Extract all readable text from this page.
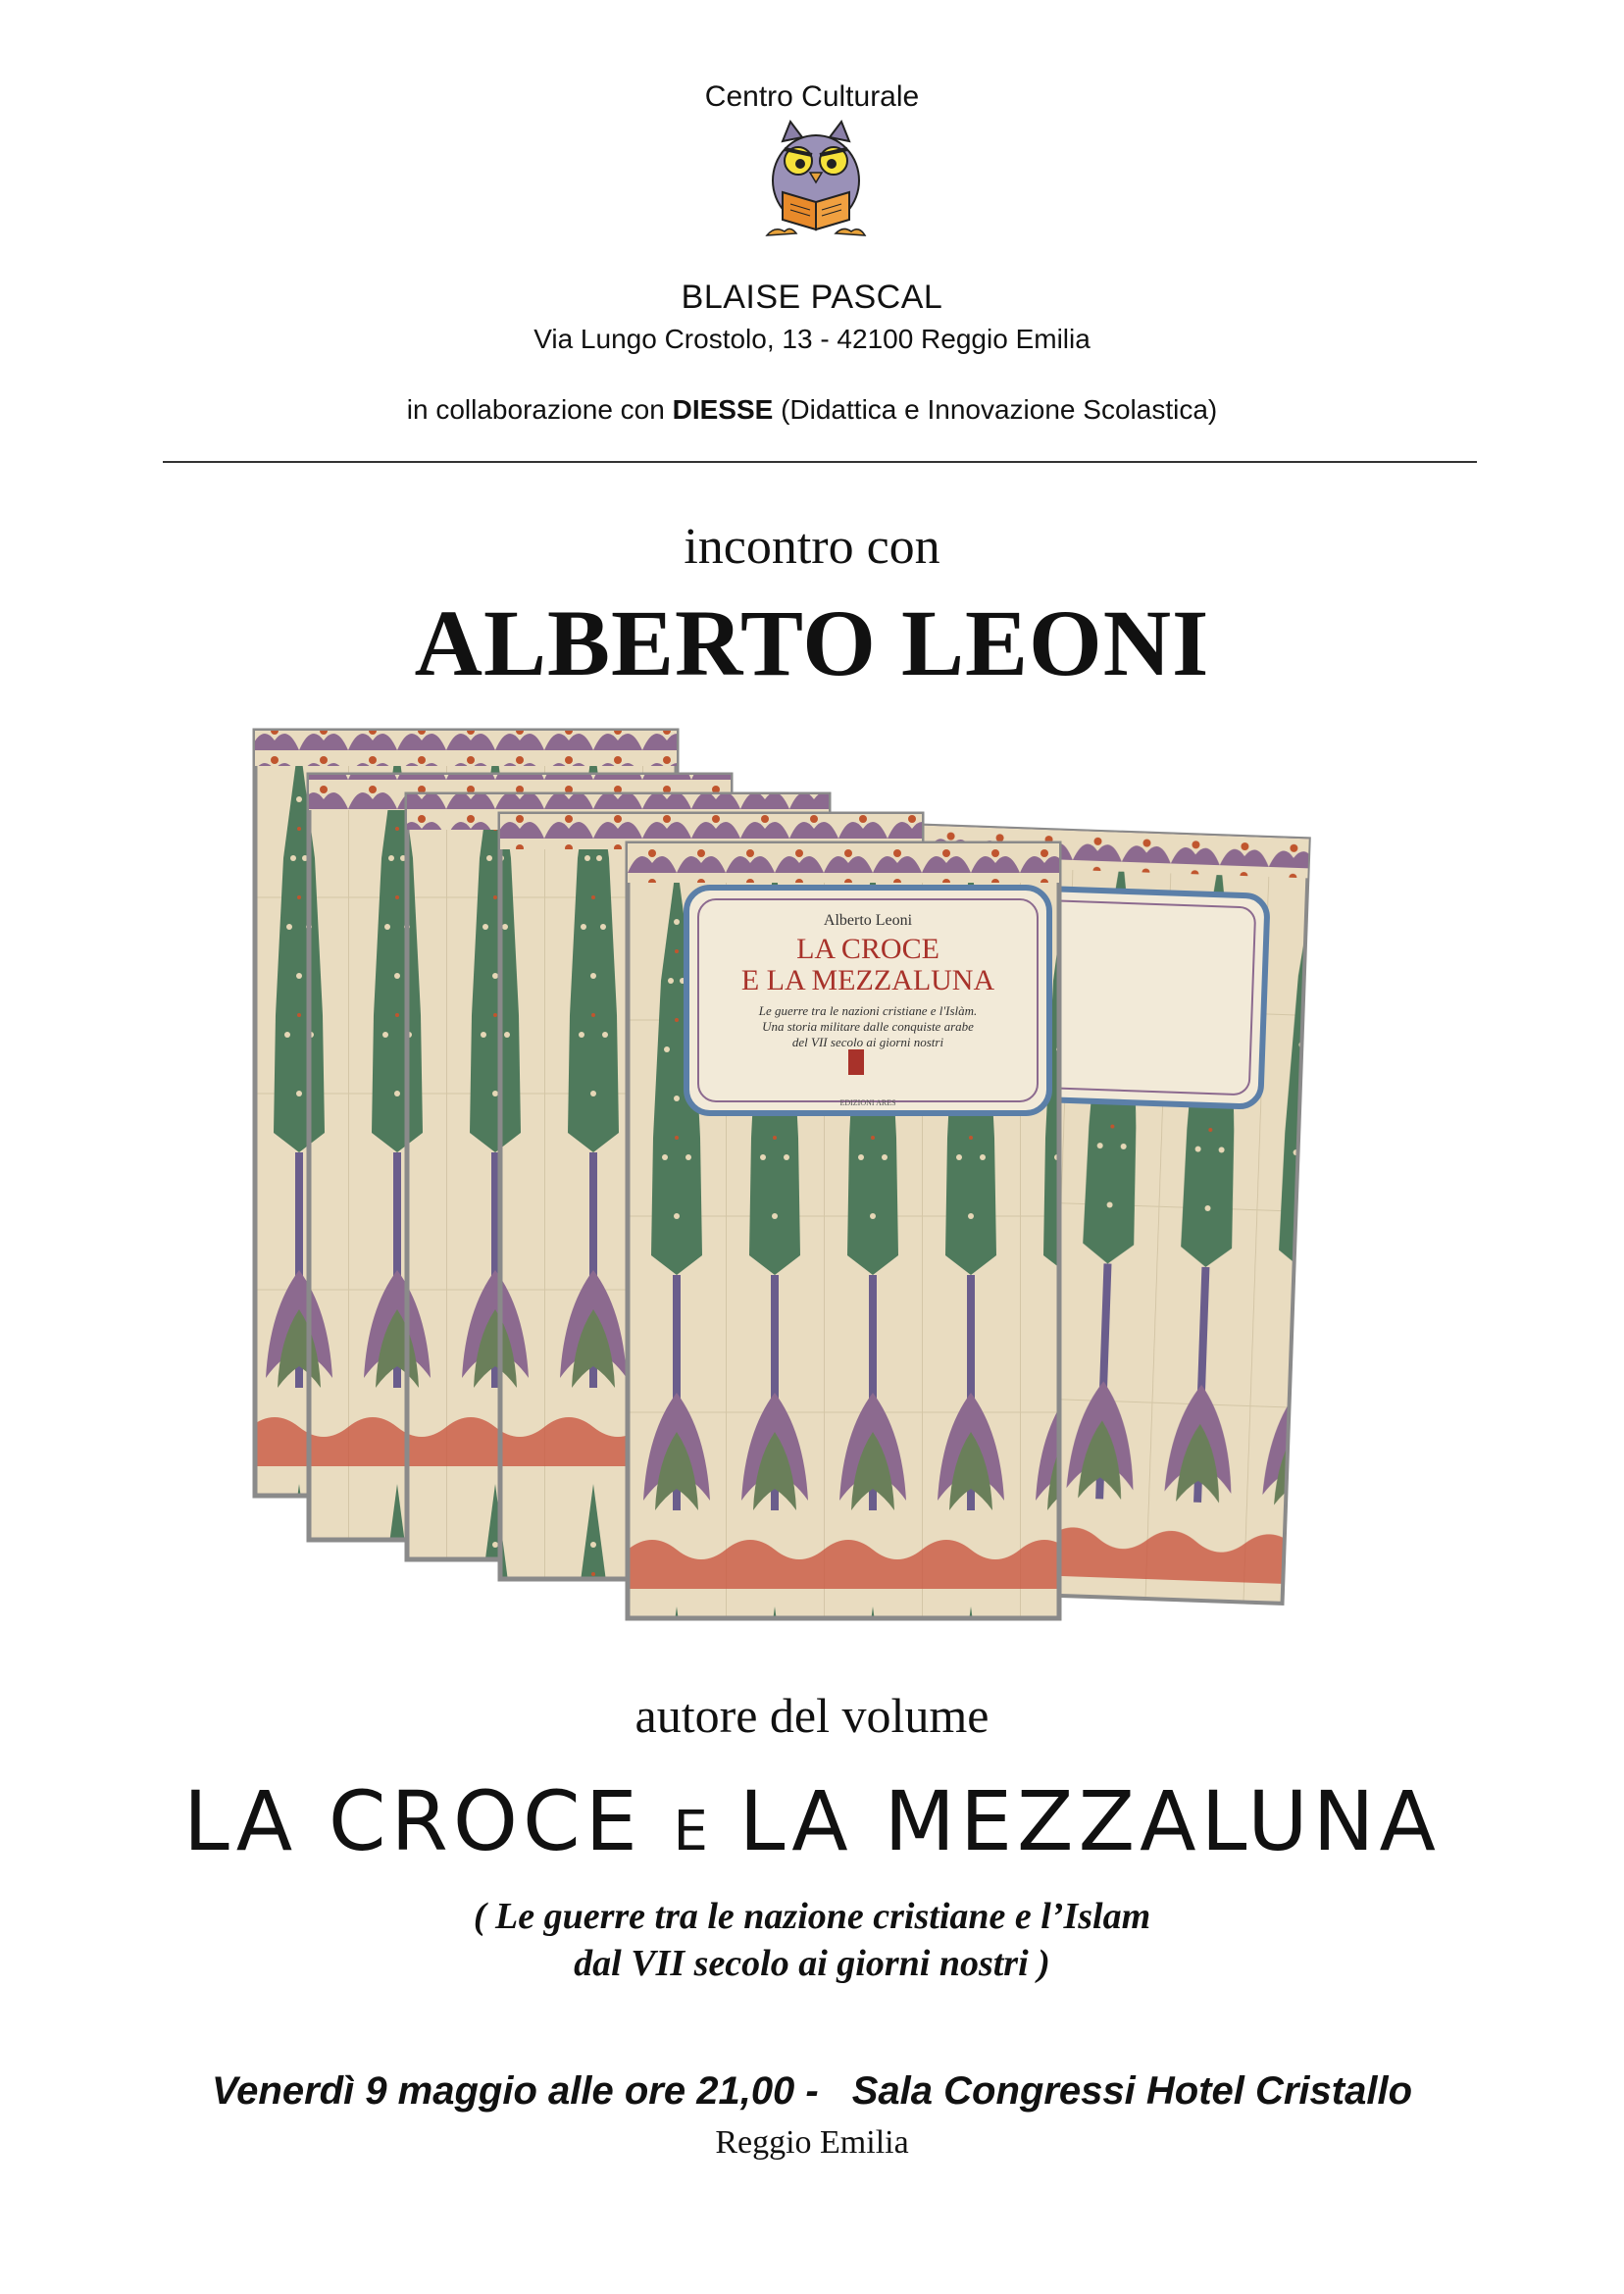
Centro Culturale
BLAISE PASCAL
Via Lungo Crostolo, 13 - 42100 Reggio Emilia
in collaborazione con DIESSE (Didattica e Innovazione Scolastica)
incontro con
ALBERTO LEONI
Alberto Leoni
LA CROCE
E LA MEZZALUNA
Le guerre tra le nazioni cristiane e l'Islàm.
Una storia militare dalle conquiste arabe
del VII secolo ai giorni nostri
EDIZIONI ARES
autore del volume
LA CROCE E LA MEZZALUNA
( Le guerre tra le nazione cristiane e l’Islam
dal VII secolo ai giorni nostri )
Venerdì 9 maggio alle ore 21,00 - Sala Congressi Hotel Cristallo
Reggio Emilia
